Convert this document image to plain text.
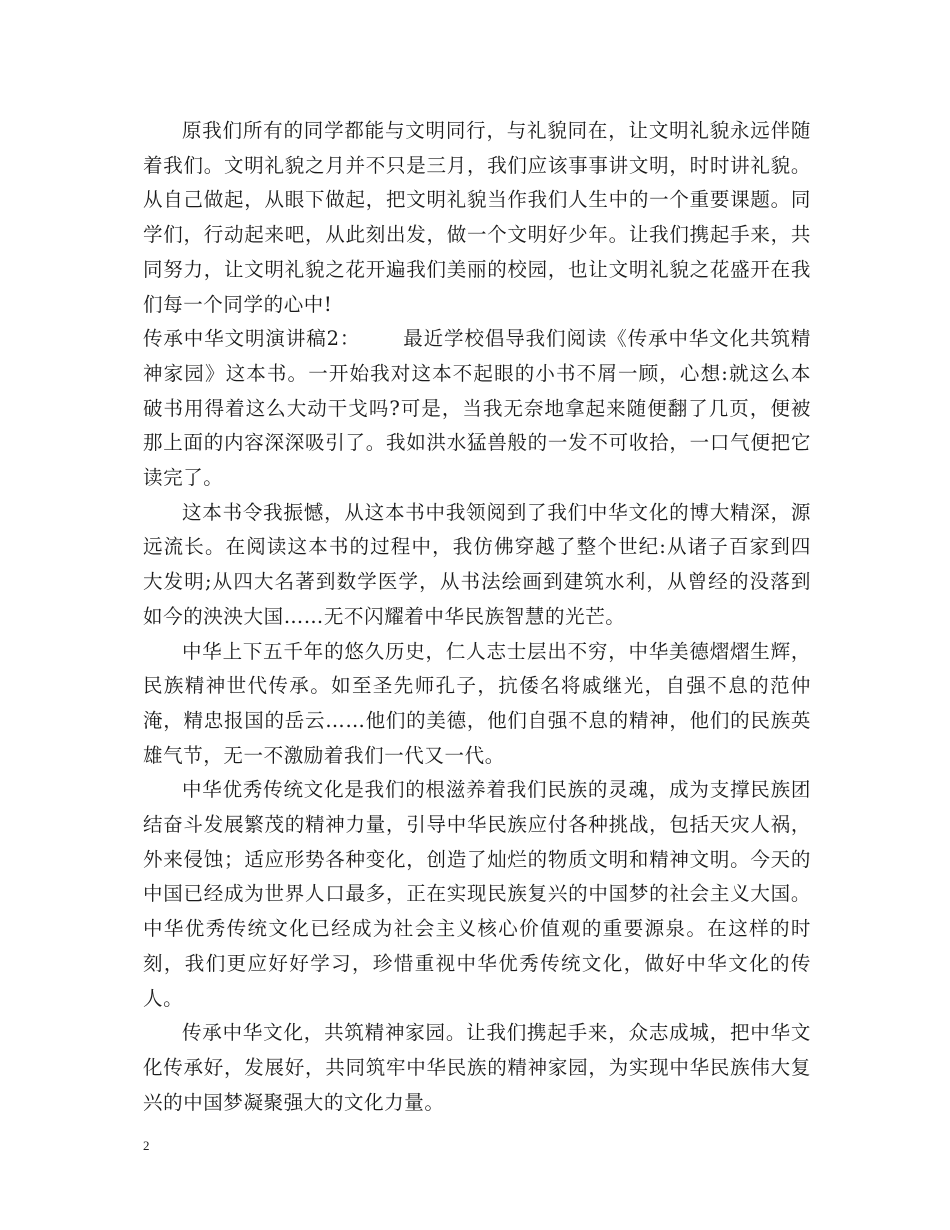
原我们所有的同学都能与文明同行，与礼貌同在，让文明礼貌永远伴随着我们。文明礼貌之月并不只是三月，我们应该事事讲文明，时时讲礼貌。从自己做起，从眼下做起，把文明礼貌当作我们人生中的一个重要课题。同学们，行动起来吧，从此刻出发，做一个文明好少年。让我们携起手来，共同努力，让文明礼貌之花开遍我们美丽的校园，也让文明礼貌之花盛开在我们每一个同学的心中!

传承中华文明演讲稿2： 最近学校倡导我们阅读《传承中华文化共筑精神家园》这本书。一开始我对这本不起眼的小书不屑一顾，心想:就这么本破书用得着这么大动干戈吗?可是，当我无奈地拿起来随便翻了几页，便被那上面的内容深深吸引了。我如洪水猛兽般的一发不可收拾，一口气便把它读完了。

这本书令我振憾，从这本书中我领阅到了我们中华文化的博大精深，源远流长。在阅读这本书的过程中，我仿佛穿越了整个世纪:从诸子百家到四大发明;从四大名著到数学医学，从书法绘画到建筑水利，从曾经的没落到如今的泱泱大国……无不闪耀着中华民族智慧的光芒。

中华上下五千年的悠久历史，仁人志士层出不穷，中华美德熠熠生辉，民族精神世代传承。如至圣先师孔子，抗倭名将戚继光，自强不息的范仲淹，精忠报国的岳云……他们的美德，他们自强不息的精神，他们的民族英雄气节，无一不激励着我们一代又一代。

中华优秀传统文化是我们的根滋养着我们民族的灵魂，成为支撑民族团结奋斗发展繁茂的精神力量，引导中华民族应付各种挑战，包括天灾人祸，外来侵蚀；适应形势各种变化，创造了灿烂的物质文明和精神文明。今天的中国已经成为世界人口最多，正在实现民族复兴的中国梦的社会主义大国。中华优秀传统文化已经成为社会主义核心价值观的重要源泉。在这样的时刻，我们更应好好学习，珍惜重视中华优秀传统文化，做好中华文化的传人。

传承中华文化，共筑精神家园。让我们携起手来，众志成城，把中华文化传承好，发展好，共同筑牢中华民族的精神家园，为实现中华民族伟大复兴的中国梦凝聚强大的文化力量。

2
